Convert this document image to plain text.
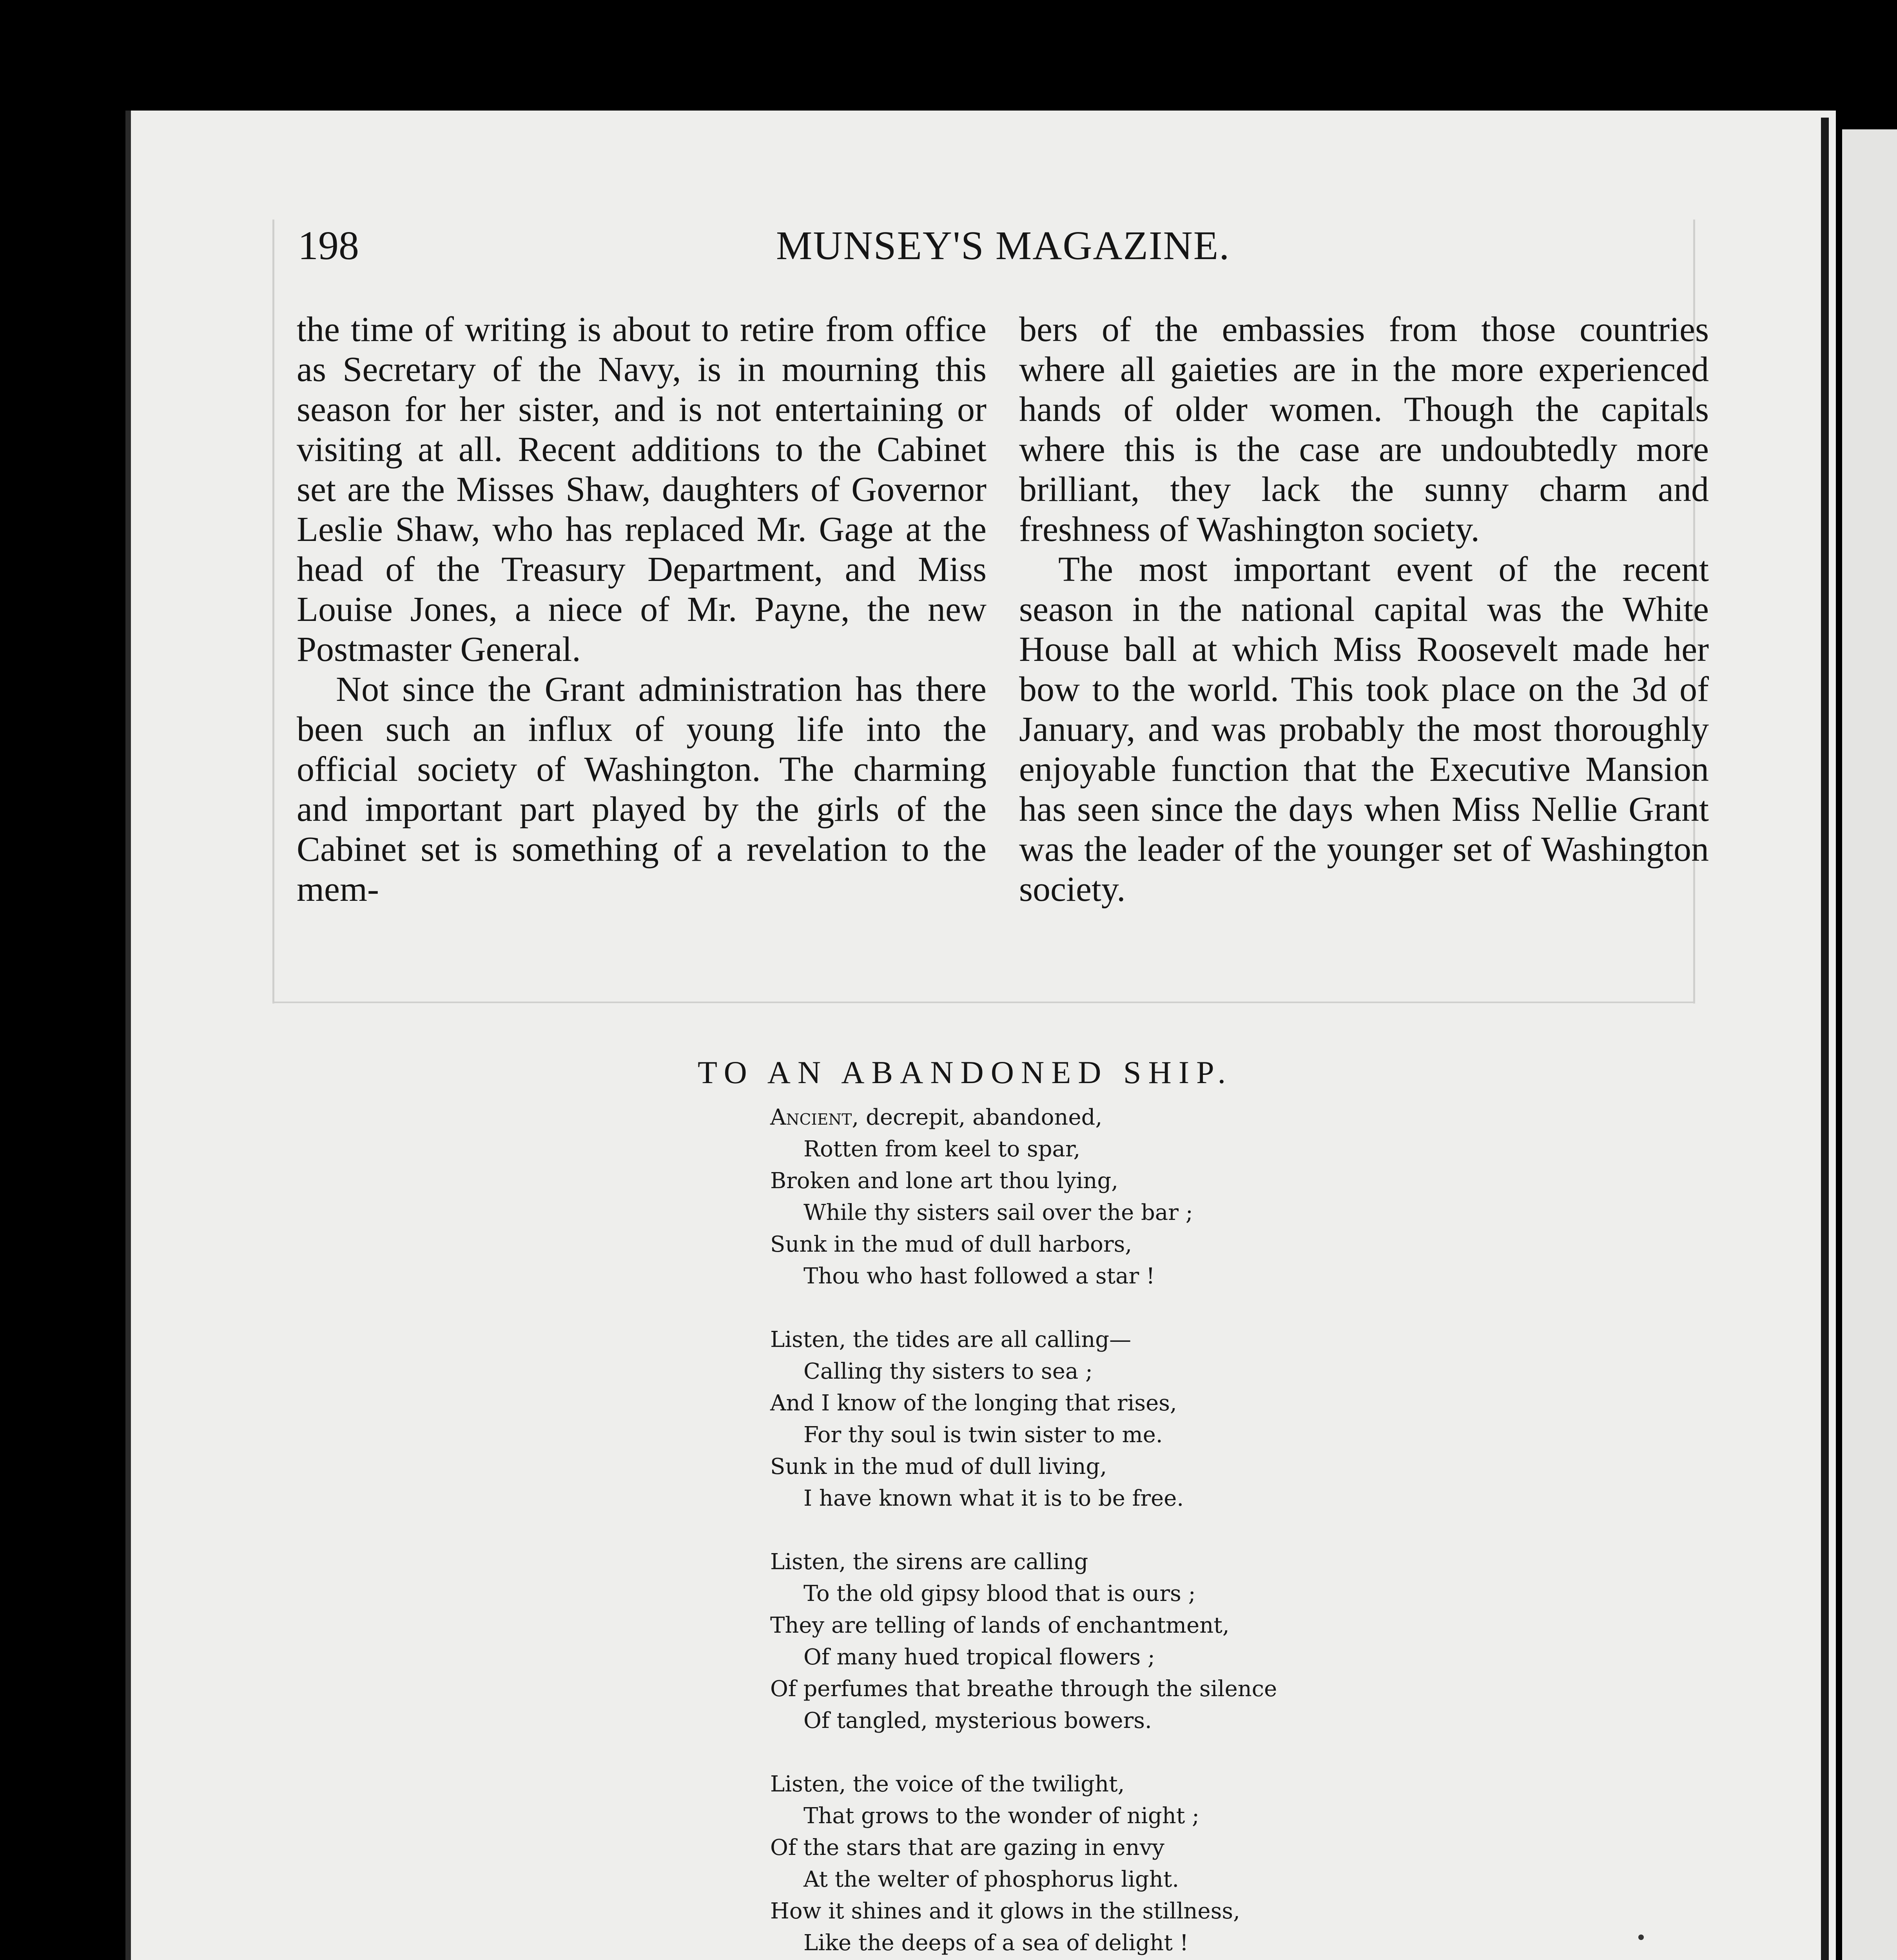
198	MUNSEY'S MAGAZINE.

the time of writing is about to retire from office as Secretary of the Navy, is in mourning this season for her sister, and is not entertaining or visiting at all. Recent additions to the Cabinet set are the Misses Shaw, daughters of Governor Leslie Shaw, who has replaced Mr. Gage at the head of the Treasury Department, and Miss Louise Jones, a niece of Mr. Payne, the new Postmaster General.

Not since the Grant administration has there been such an influx of young life into the official society of Washington. The charming and important part played by the girls of the Cabinet set is something of a revelation to the mem-

bers of the embassies from those countries where all gaieties are in the more experienced hands of older women. Though the capitals where this is the case are undoubtedly more brilliant, they lack the sunny charm and freshness of Washington society.

The most important event of the recent season in the national capital was the White House ball at which Miss Roosevelt made her bow to the world. This took place on the 3d of January, and was probably the most thoroughly enjoyable function that the Executive Mansion has seen since the days when Miss Nellie Grant was the leader of the younger set of Washington society.

TO AN ABANDONED SHIP.
Ancient, decrepit, abandoned,
Rotten from keel to spar,
Broken and lone art thou lying,
While thy sisters sail over the bar ;
Sunk in the mud of dull harbors,
Thou who hast followed a star !
Listen, the tides are all calling—
Calling thy sisters to sea ;
And I know of the longing that rises,
For thy soul is twin sister to me.
Sunk in the mud of dull living,
I have known what it is to be free.
Listen, the sirens are calling
To the old gipsy blood that is ours ;
They are telling of lands of enchantment,
Of many hued tropical flowers ;
Of perfumes that breathe through the silence
Of tangled, mysterious bowers.
Listen, the voice of the twilight,
That grows to the wonder of night ;
Of the stars that are gazing in envy
At the welter of phosphorus light.
How it shines and it glows in the stillness,
Like the deeps of a sea of delight !
